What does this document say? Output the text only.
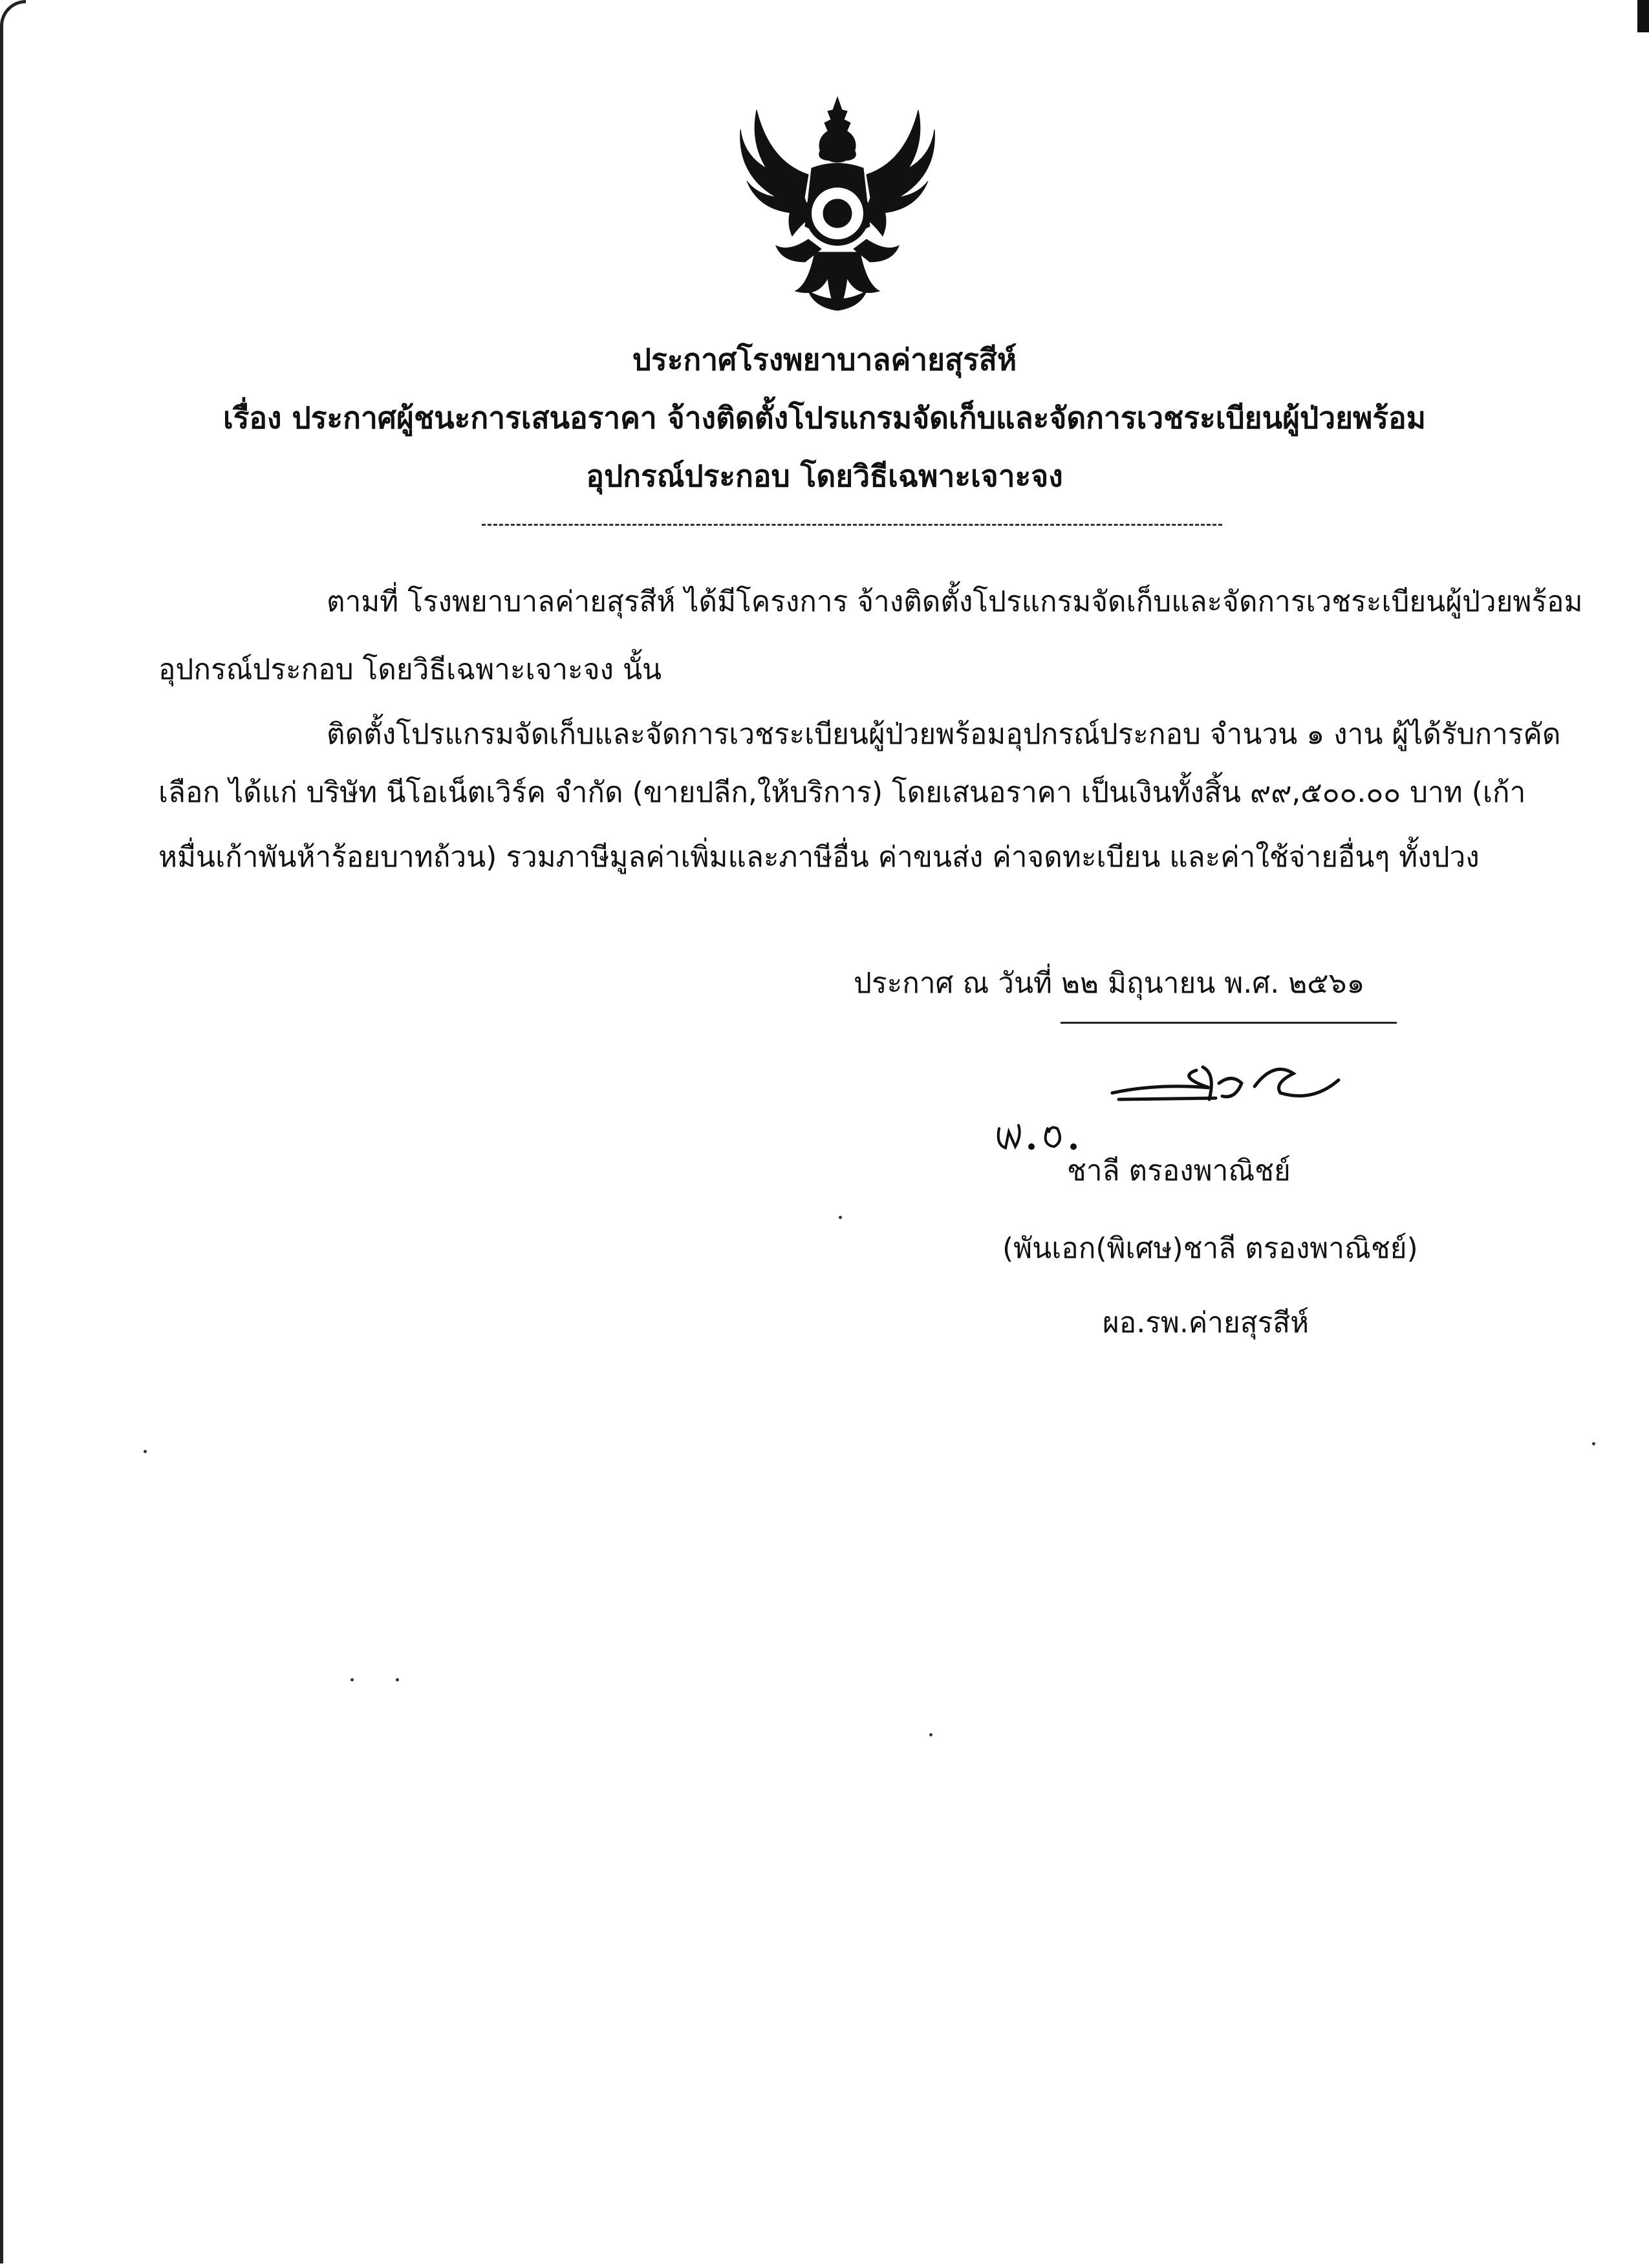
ประกาศโรงพยาบาลค่ายสุรสีห์
เรื่อง ประกาศผู้ชนะการเสนอราคา จ้างติดตั้งโปรแกรมจัดเก็บและจัดการเวชระเบียนผู้ป่วยพร้อม
อุปกรณ์ประกอบ โดยวิธีเฉพาะเจาะจง
ตามที่ โรงพยาบาลค่ายสุรสีห์ ได้มีโครงการ จ้างติดตั้งโปรแกรมจัดเก็บและจัดการเวชระเบียนผู้ป่วยพร้อม
อุปกรณ์ประกอบ โดยวิธีเฉพาะเจาะจง นั้น
ติดตั้งโปรแกรมจัดเก็บและจัดการเวชระเบียนผู้ป่วยพร้อมอุปกรณ์ประกอบ จำนวน ๑ งาน ผู้ได้รับการคัด
เลือก ได้แก่ บริษัท นีโอเน็ตเวิร์ค จำกัด (ขายปลีก,ให้บริการ) โดยเสนอราคา เป็นเงินทั้งสิ้น ๙๙,๕๐๐.๐๐ บาท (เก้า
หมื่นเก้าพันห้าร้อยบาทถ้วน) รวมภาษีมูลค่าเพิ่มและภาษีอื่น ค่าขนส่ง ค่าจดทะเบียน และค่าใช้จ่ายอื่นๆ ทั้งปวง
ประกาศ ณ วันที่ ๒๒ มิถุนายน พ.ศ. ๒๕๖๑
ชาลี ตรองพาณิชย์
(พันเอก(พิเศษ)ชาลี ตรองพาณิชย์)
ผอ.รพ.ค่ายสุรสีห์
